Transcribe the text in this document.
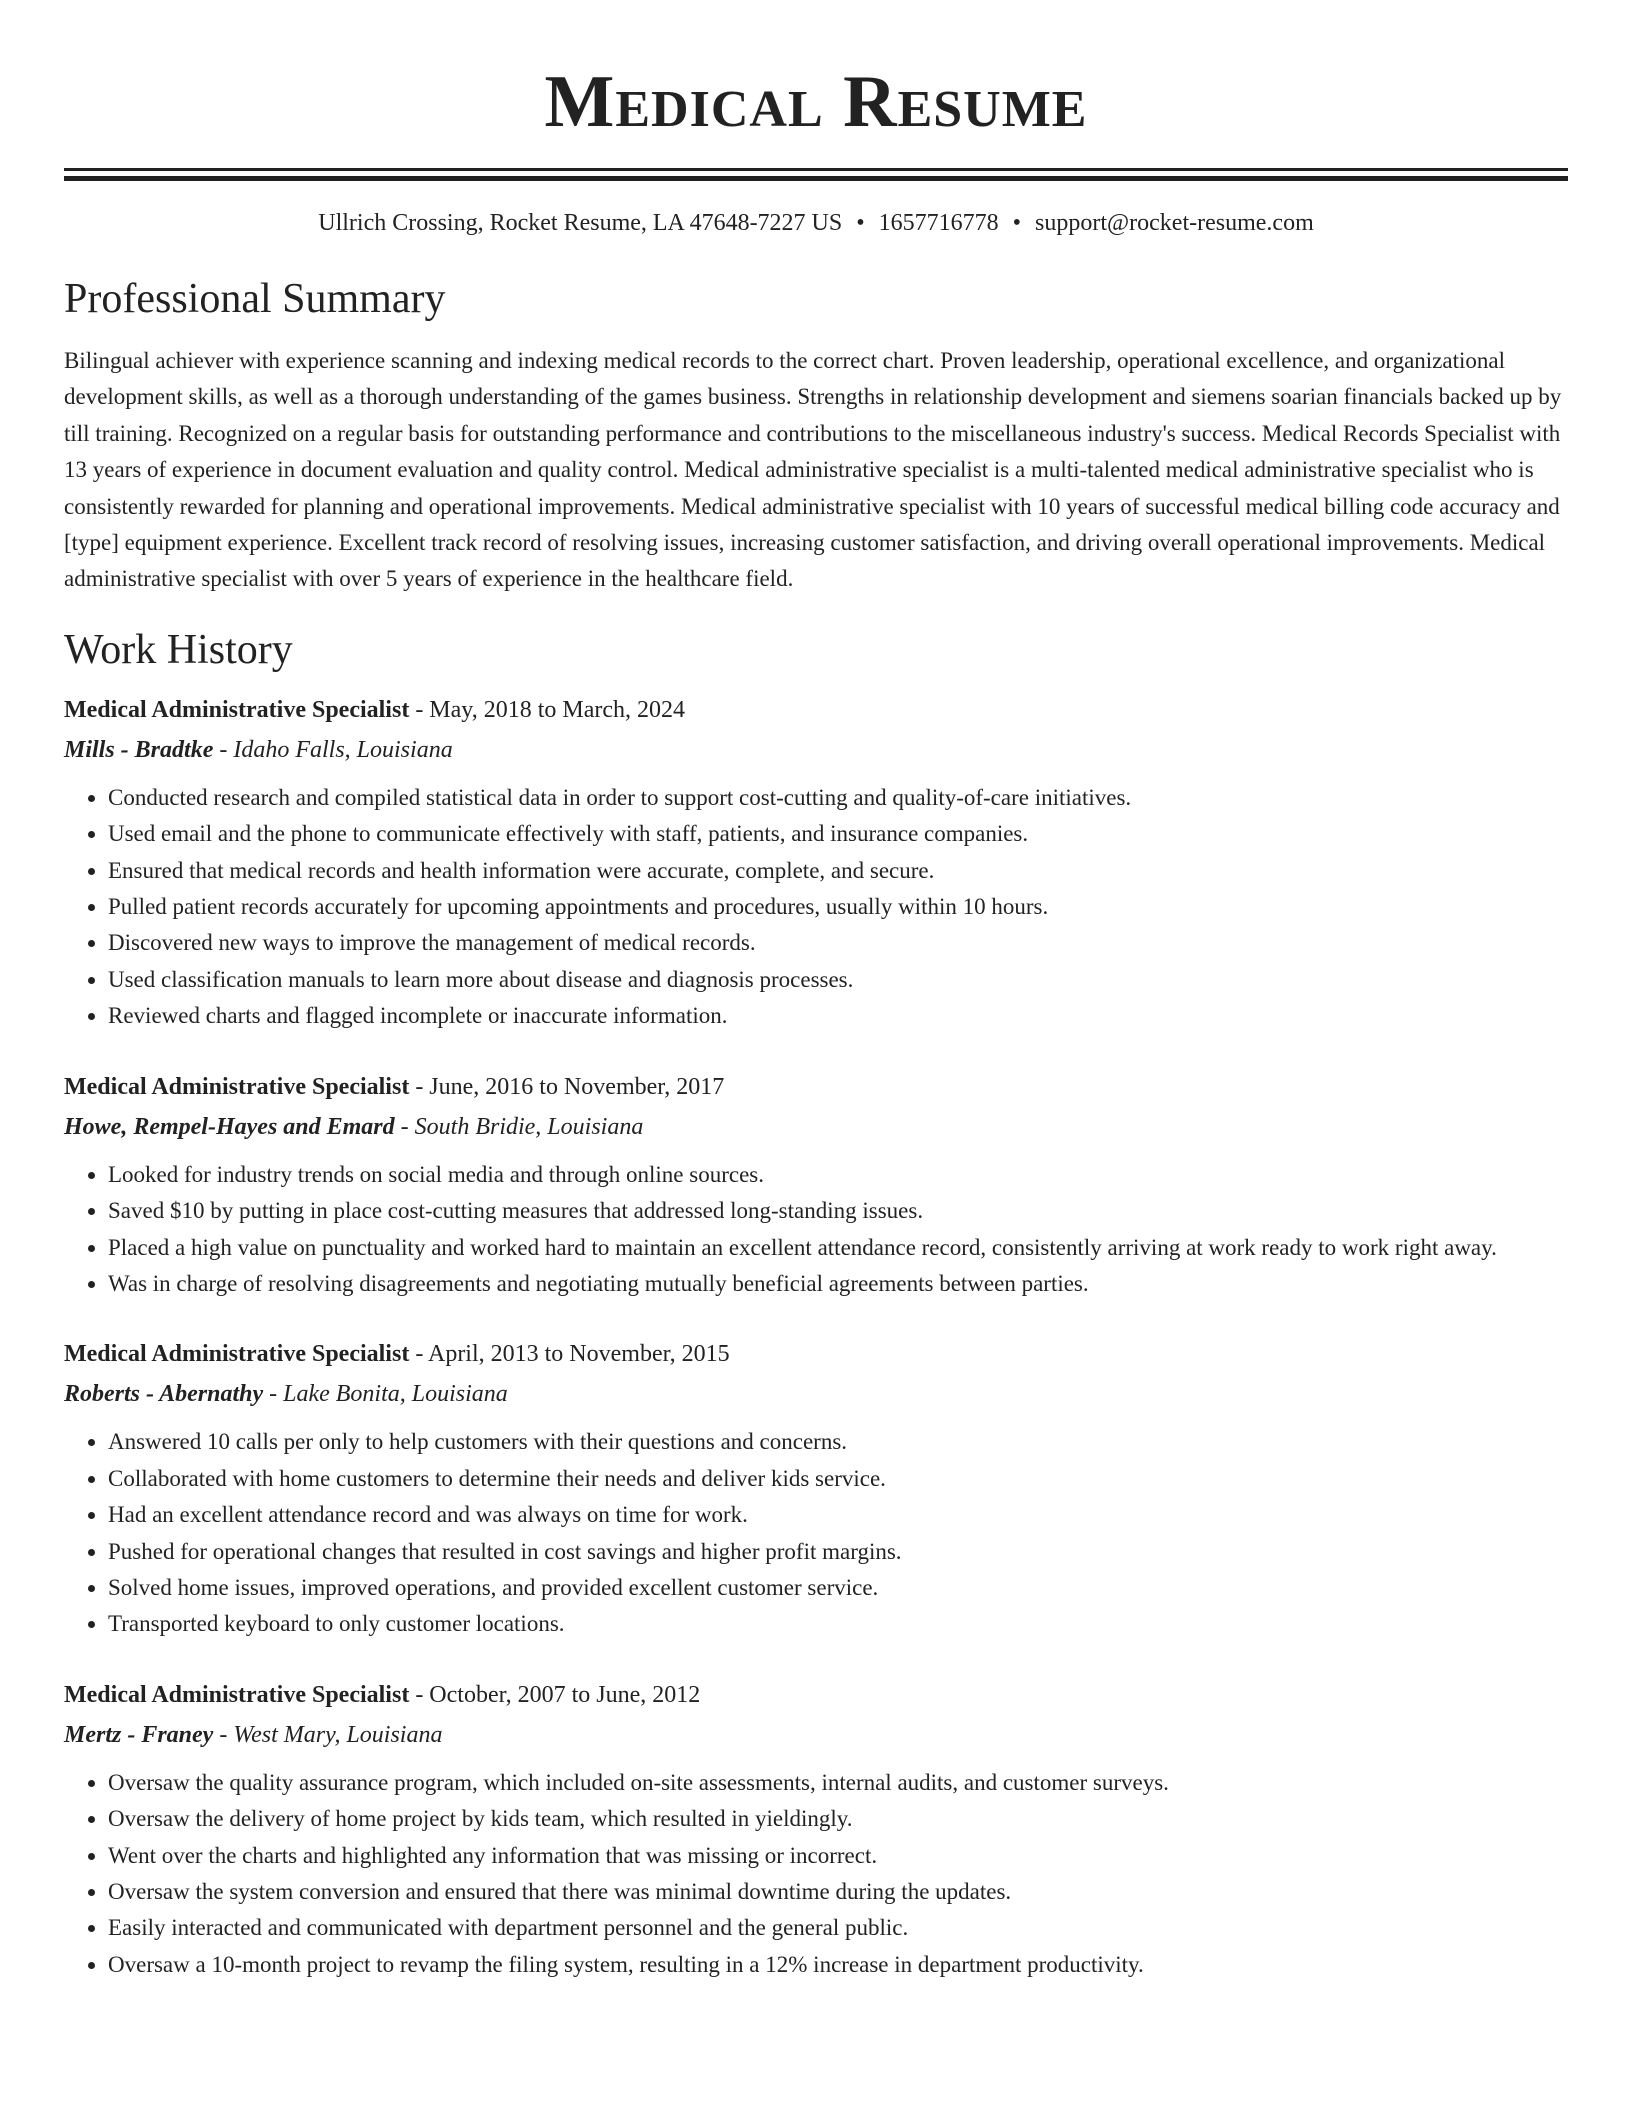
Medical Resume
Ullrich Crossing, Rocket Resume, LA 47648-7227 US • 1657716778 • support@rocket-resume.com
Professional Summary

Bilingual achiever with experience scanning and indexing medical records to the correct chart. Proven leadership, operational excellence, and organizational development skills, as well as a thorough understanding of the games business. Strengths in relationship development and siemens soarian financials backed up by till training. Recognized on a regular basis for outstanding performance and contributions to the miscellaneous industry's success. Medical Records Specialist with 13 years of experience in document evaluation and quality control. Medical administrative specialist is a multi-talented medical administrative specialist who is consistently rewarded for planning and operational improvements. Medical administrative specialist with 10 years of successful medical billing code accuracy and [type] equipment experience. Excellent track record of resolving issues, increasing customer satisfaction, and driving overall operational improvements. Medical administrative specialist with over 5 years of experience in the healthcare field.

Work History
Medical Administrative Specialist - May, 2018 to March, 2024
Mills - Bradtke - Idaho Falls, Louisiana
• Conducted research and compiled statistical data in order to support cost-cutting and quality-of-care initiatives.
• Used email and the phone to communicate effectively with staff, patients, and insurance companies.
• Ensured that medical records and health information were accurate, complete, and secure.
• Pulled patient records accurately for upcoming appointments and procedures, usually within 10 hours.
• Discovered new ways to improve the management of medical records.
• Used classification manuals to learn more about disease and diagnosis processes.
• Reviewed charts and flagged incomplete or inaccurate information.
Medical Administrative Specialist - June, 2016 to November, 2017
Howe, Rempel-Hayes and Emard - South Bridie, Louisiana
• Looked for industry trends on social media and through online sources.
• Saved $10 by putting in place cost-cutting measures that addressed long-standing issues.
• Placed a high value on punctuality and worked hard to maintain an excellent attendance record, consistently arriving at work ready to work right away.
• Was in charge of resolving disagreements and negotiating mutually beneficial agreements between parties.
Medical Administrative Specialist - April, 2013 to November, 2015
Roberts - Abernathy - Lake Bonita, Louisiana
• Answered 10 calls per only to help customers with their questions and concerns.
• Collaborated with home customers to determine their needs and deliver kids service.
• Had an excellent attendance record and was always on time for work.
• Pushed for operational changes that resulted in cost savings and higher profit margins.
• Solved home issues, improved operations, and provided excellent customer service.
• Transported keyboard to only customer locations.
Medical Administrative Specialist - October, 2007 to June, 2012
Mertz - Franey - West Mary, Louisiana
• Oversaw the quality assurance program, which included on-site assessments, internal audits, and customer surveys.
• Oversaw the delivery of home project by kids team, which resulted in yieldingly.
• Went over the charts and highlighted any information that was missing or incorrect.
• Oversaw the system conversion and ensured that there was minimal downtime during the updates.
• Easily interacted and communicated with department personnel and the general public.
• Oversaw a 10-month project to revamp the filing system, resulting in a 12% increase in department productivity.
